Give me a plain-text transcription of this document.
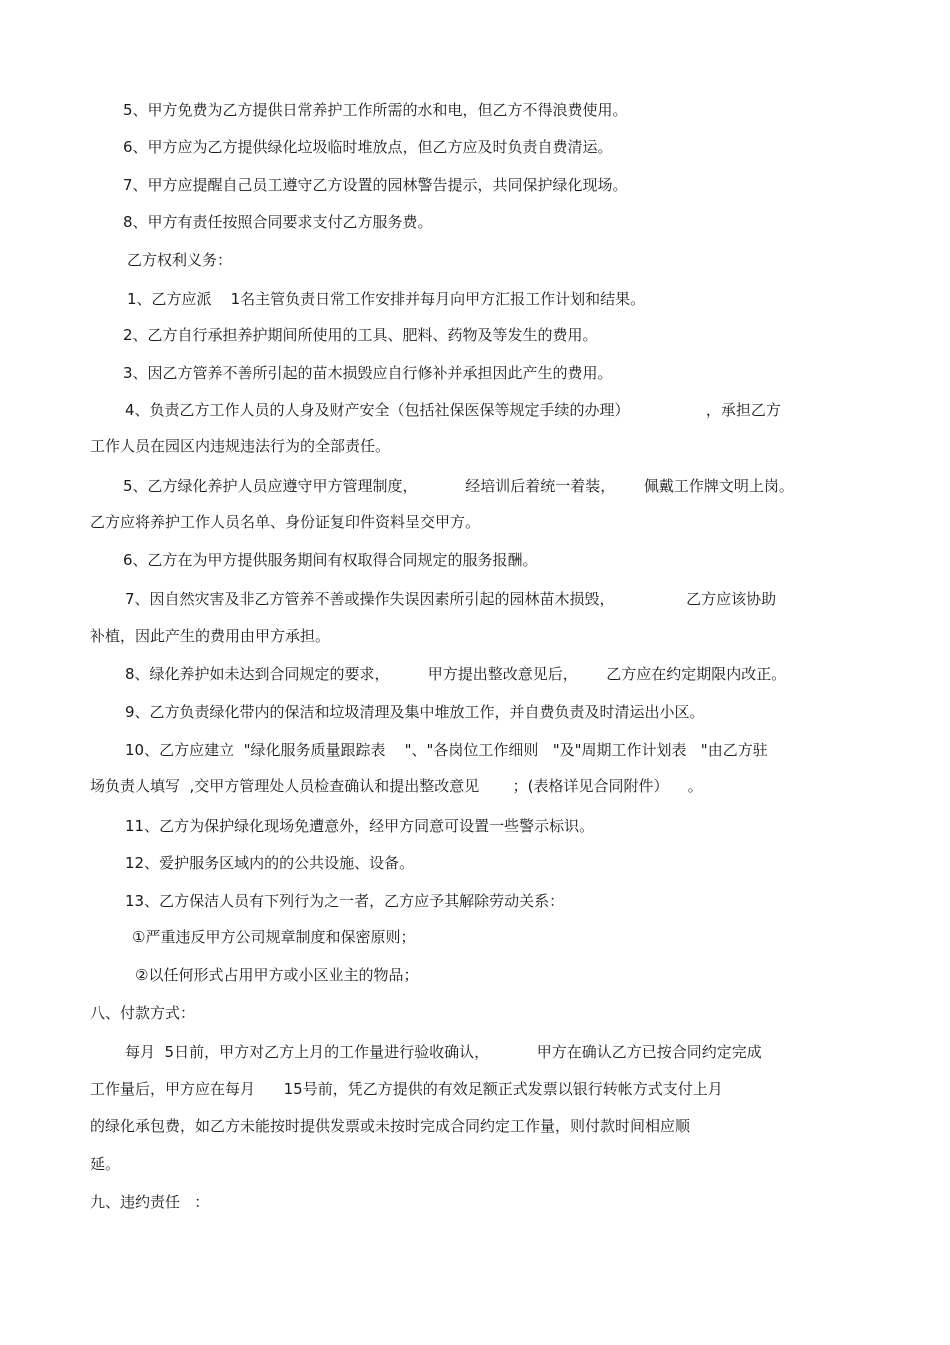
5、甲方免费为乙方提供日常养护工作所需的水和电，但乙方不得浪费使用。
6、甲方应为乙方提供绿化垃圾临时堆放点，但乙方应及时负责自费清运。
7、甲方应提醒自己员工遵守乙方设置的园林警告提示，共同保护绿化现场。
8、甲方有责任按照合同要求支付乙方服务费。
乙方权利义务：
1、乙方应派    1名主管负责日常工作安排并每月向甲方汇报工作计划和结果。
2、乙方自行承担养护期间所使用的工具、肥料、药物及等发生的费用。
3、因乙方管养不善所引起的苗木损毁应自行修补并承担因此产生的费用。
4、负责乙方工作人员的人身及财产安全（包括社保医保等规定手续的办理）                ，承担乙方
工作人员在园区内违规违法行为的全部责任。
5、乙方绿化养护人员应遵守甲方管理制度，          经培训后着统一着装，      佩戴工作牌文明上岗。
乙方应将养护工作人员名单、身份证复印件资料呈交甲方。
6、乙方在为甲方提供服务期间有权取得合同规定的服务报酬。
7、因自然灾害及非乙方管养不善或操作失误因素所引起的园林苗木损毁，               乙方应该协助
补植，因此产生的费用由甲方承担。
8、绿化养护如未达到合同规定的要求，        甲方提出整改意见后，      乙方应在约定期限内改正。
9、乙方负责绿化带内的保洁和垃圾清理及集中堆放工作，并自费负责及时清运出小区。
10、乙方应建立  "绿化服务质量跟踪表    "、"各岗位工作细则   "及"周期工作计划表   "由乙方驻
场负责人填写  ,交甲方管理处人员检查确认和提出整改意见       ；(表格详见合同附件）    。
11、乙方为保护绿化现场免遭意外，经甲方同意可设置一些警示标识。
12、爱护服务区域内的的公共设施、设备。
13、乙方保洁人员有下列行为之一者，乙方应予其解除劳动关系：
①严重违反甲方公司规章制度和保密原则；
②以任何形式占用甲方或小区业主的物品；
八、付款方式：
每月  5日前，甲方对乙方上月的工作量进行验收确认，          甲方在确认乙方已按合同约定完成
工作量后，甲方应在每月      15号前，凭乙方提供的有效足额正式发票以银行转帐方式支付上月
的绿化承包费，如乙方未能按时提供发票或未按时完成合同约定工作量，则付款时间相应顺
延。
九、违约责任   ：
